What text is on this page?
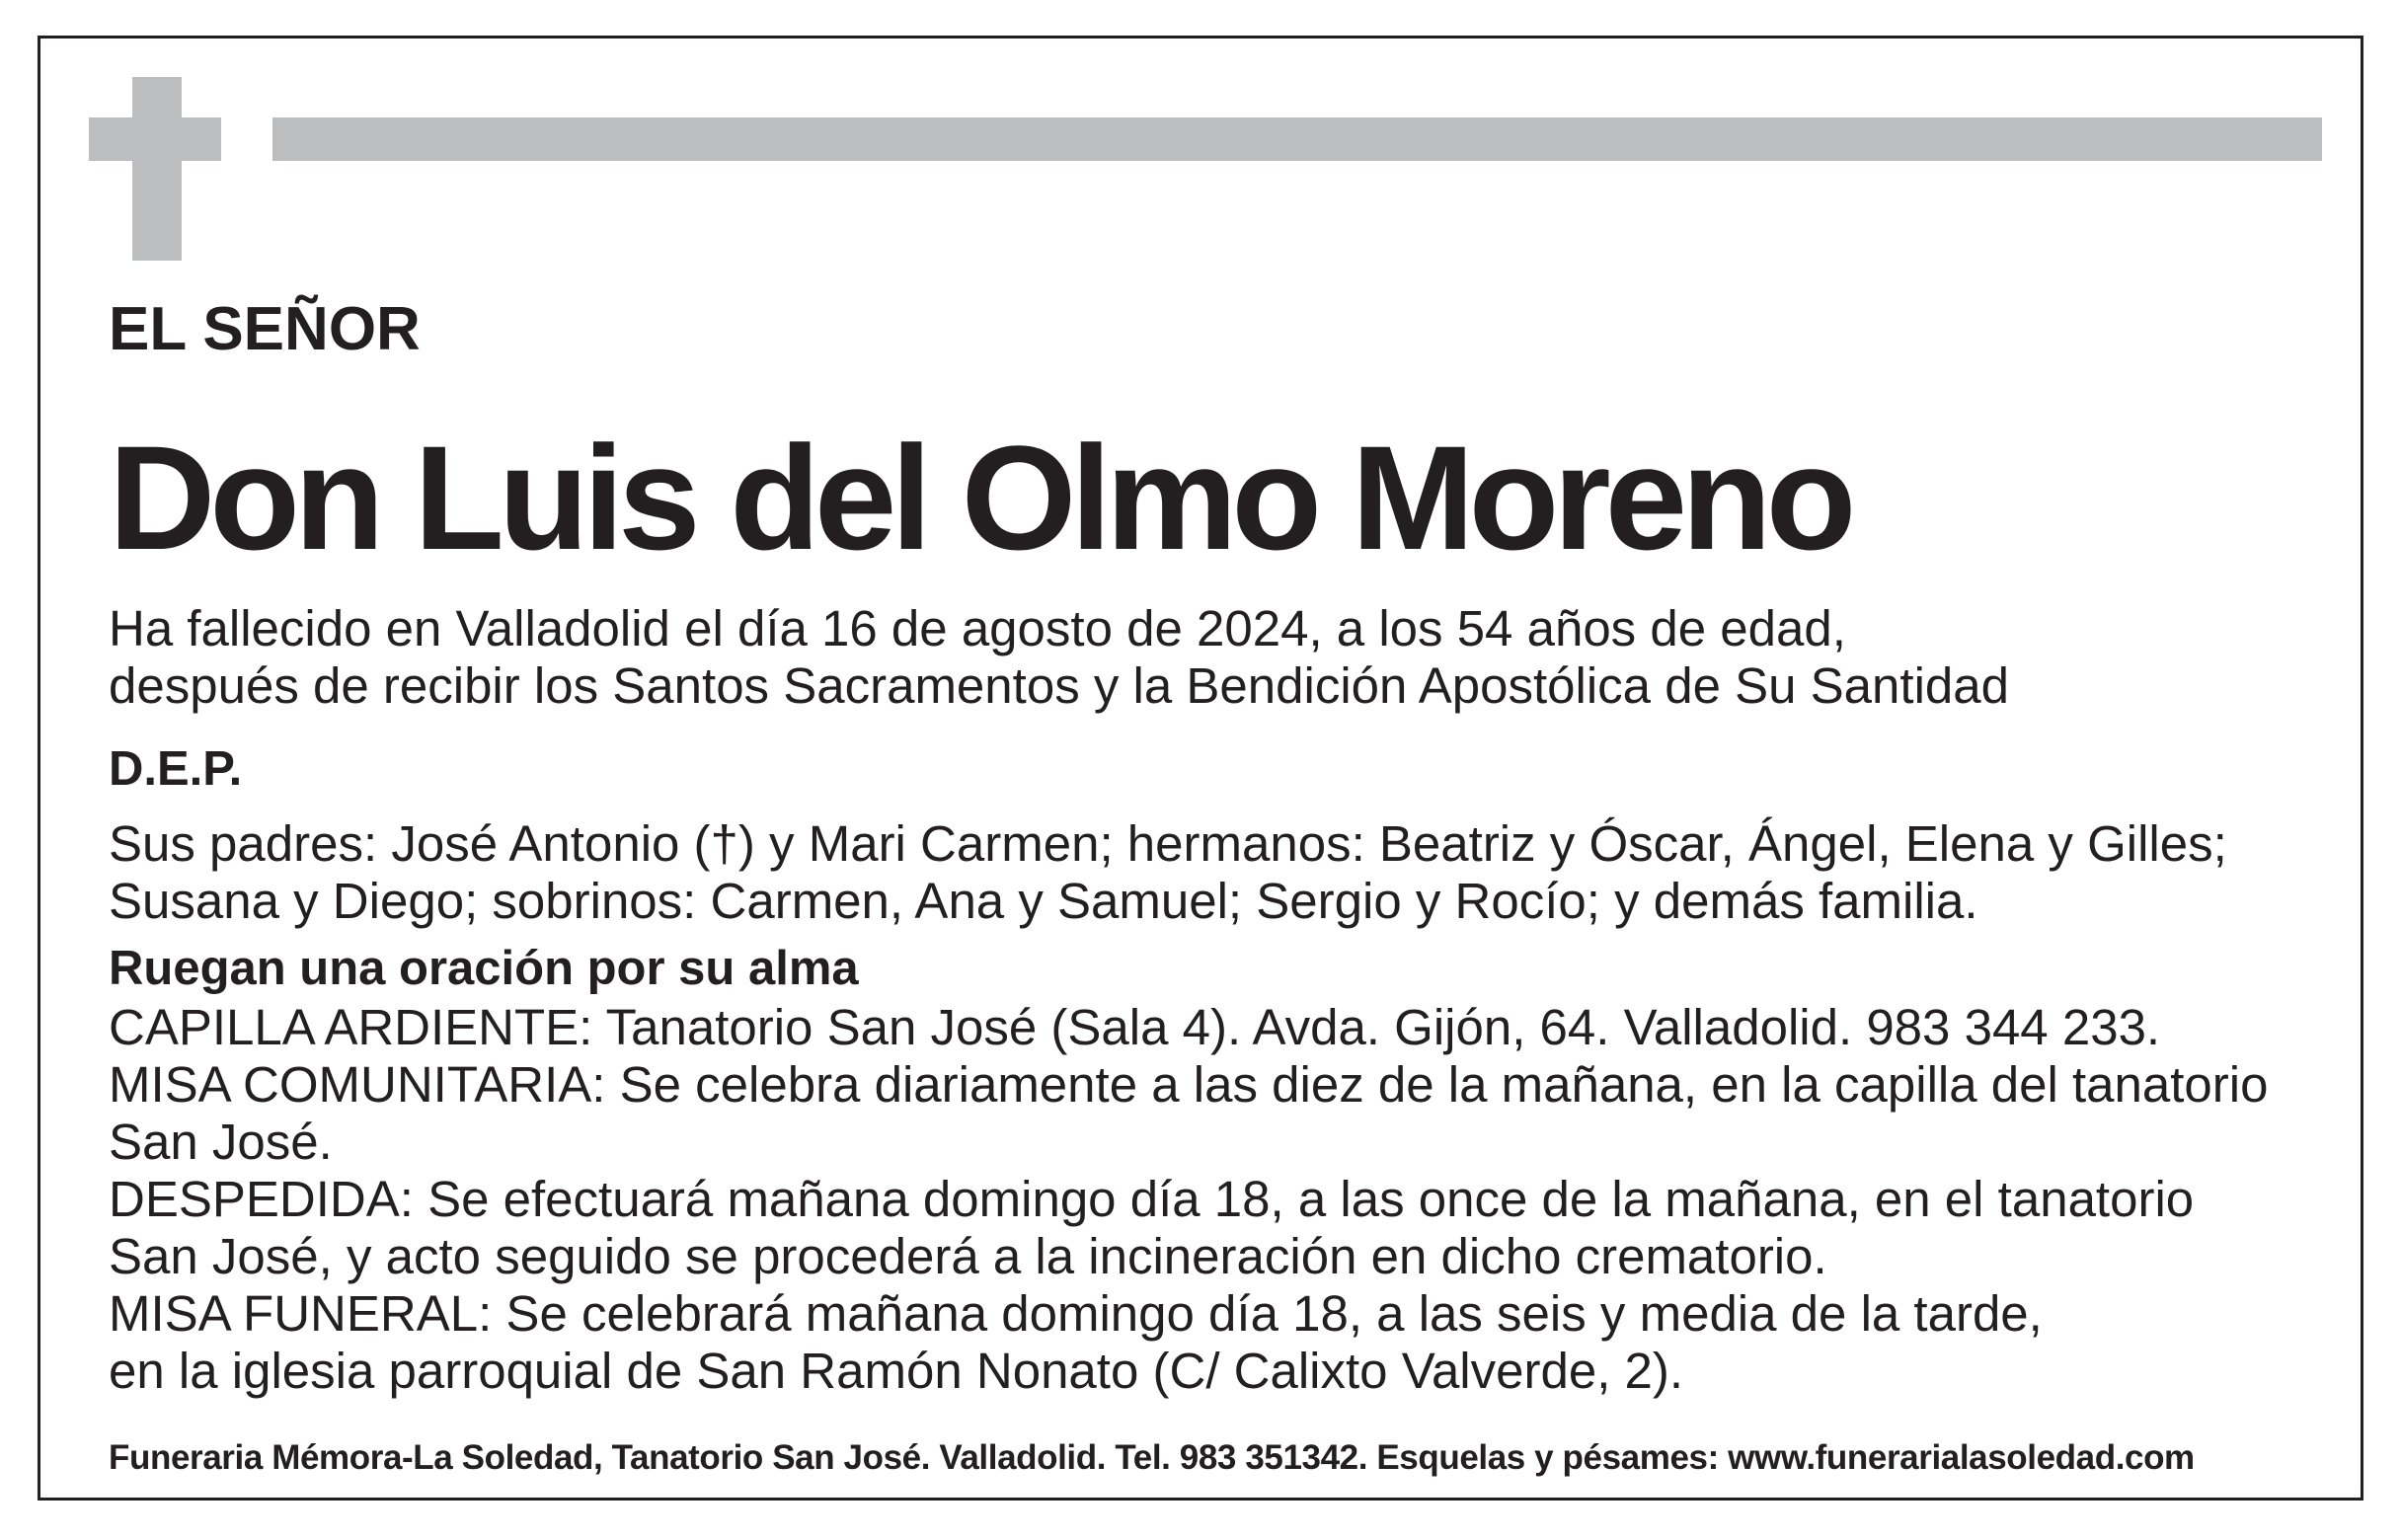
EL SEÑOR
Don Luis del Olmo Moreno
Ha fallecido en Valladolid el día 16 de agosto de 2024, a los 54 años de edad,
después de recibir los Santos Sacramentos y la Bendición Apostólica de Su Santidad
D.E.P.
Sus padres: José Antonio (†) y Mari Carmen; hermanos: Beatriz y Óscar, Ángel, Elena y Gilles;
Susana y Diego; sobrinos: Carmen, Ana y Samuel; Sergio y Rocío; y demás familia.
Ruegan una oración por su alma
CAPILLA ARDIENTE: Tanatorio San José (Sala 4). Avda. Gijón, 64. Valladolid. 983 344 233.
MISA COMUNITARIA: Se celebra diariamente a las diez de la mañana, en la capilla del tanatorio
San José.
DESPEDIDA: Se efectuará mañana domingo día 18, a las once de la mañana, en el tanatorio
San José, y acto seguido se procederá a la incineración en dicho crematorio.
MISA FUNERAL: Se celebrará mañana domingo día 18, a las seis y media de la tarde,
en la iglesia parroquial de San Ramón Nonato (C/ Calixto Valverde, 2).
Funeraria Mémora-La Soledad, Tanatorio San José. Valladolid. Tel. 983 351342. Esquelas y pésames: www.funerarialasoledad.com
